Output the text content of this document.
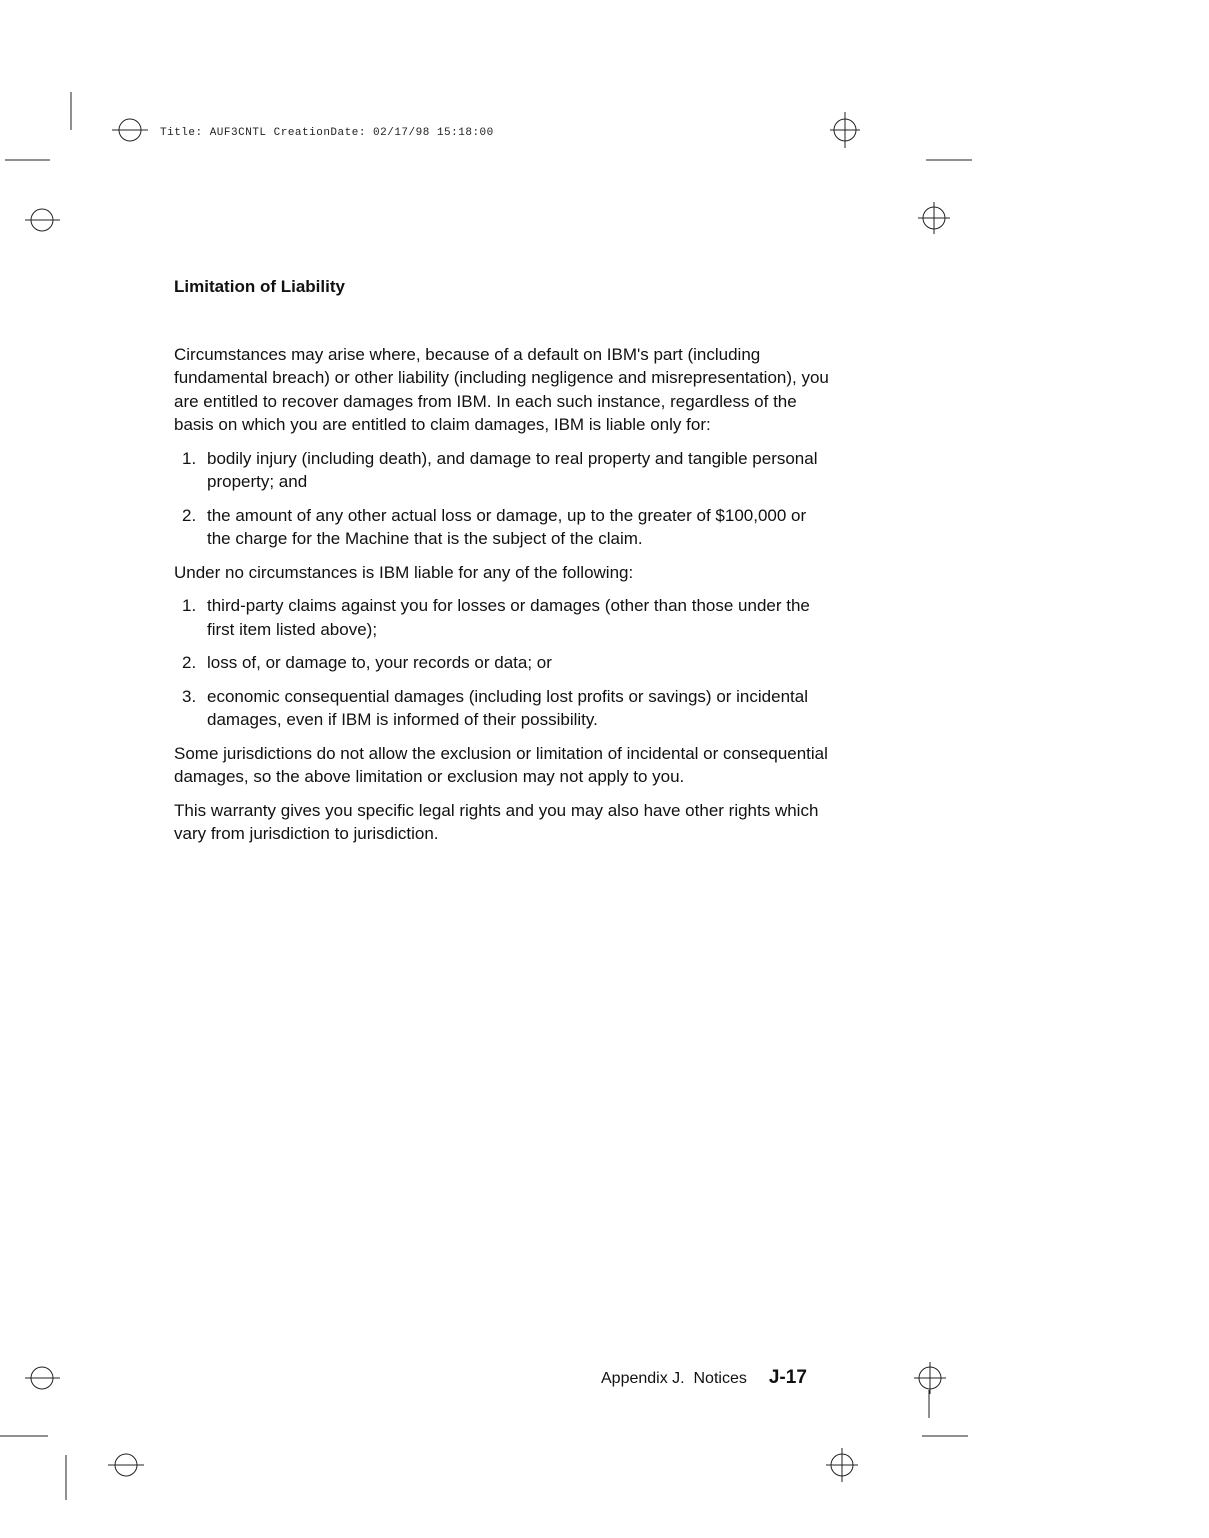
Title: AUF3CNTL CreationDate: 02/17/98 15:18:00
Limitation of Liability

Circumstances may arise where, because of a default on IBM's part (including fundamental breach) or other liability (including negligence and misrepresentation), you are entitled to recover damages from IBM. In each such instance, regardless of the basis on which you are entitled to claim damages, IBM is liable only for:

1. bodily injury (including death), and damage to real property and tangible personal property; and
2. the amount of any other actual loss or damage, up to the greater of $100,000 or the charge for the Machine that is the subject of the claim.

Under no circumstances is IBM liable for any of the following:

1. third-party claims against you for losses or damages (other than those under the first item listed above);
2. loss of, or damage to, your records or data; or
3. economic consequential damages (including lost profits or savings) or incidental damages, even if IBM is informed of their possibility.

Some jurisdictions do not allow the exclusion or limitation of incidental or consequential damages, so the above limitation or exclusion may not apply to you.

This warranty gives you specific legal rights and you may also have other rights which vary from jurisdiction to jurisdiction.

Appendix J.  Notices J-17
